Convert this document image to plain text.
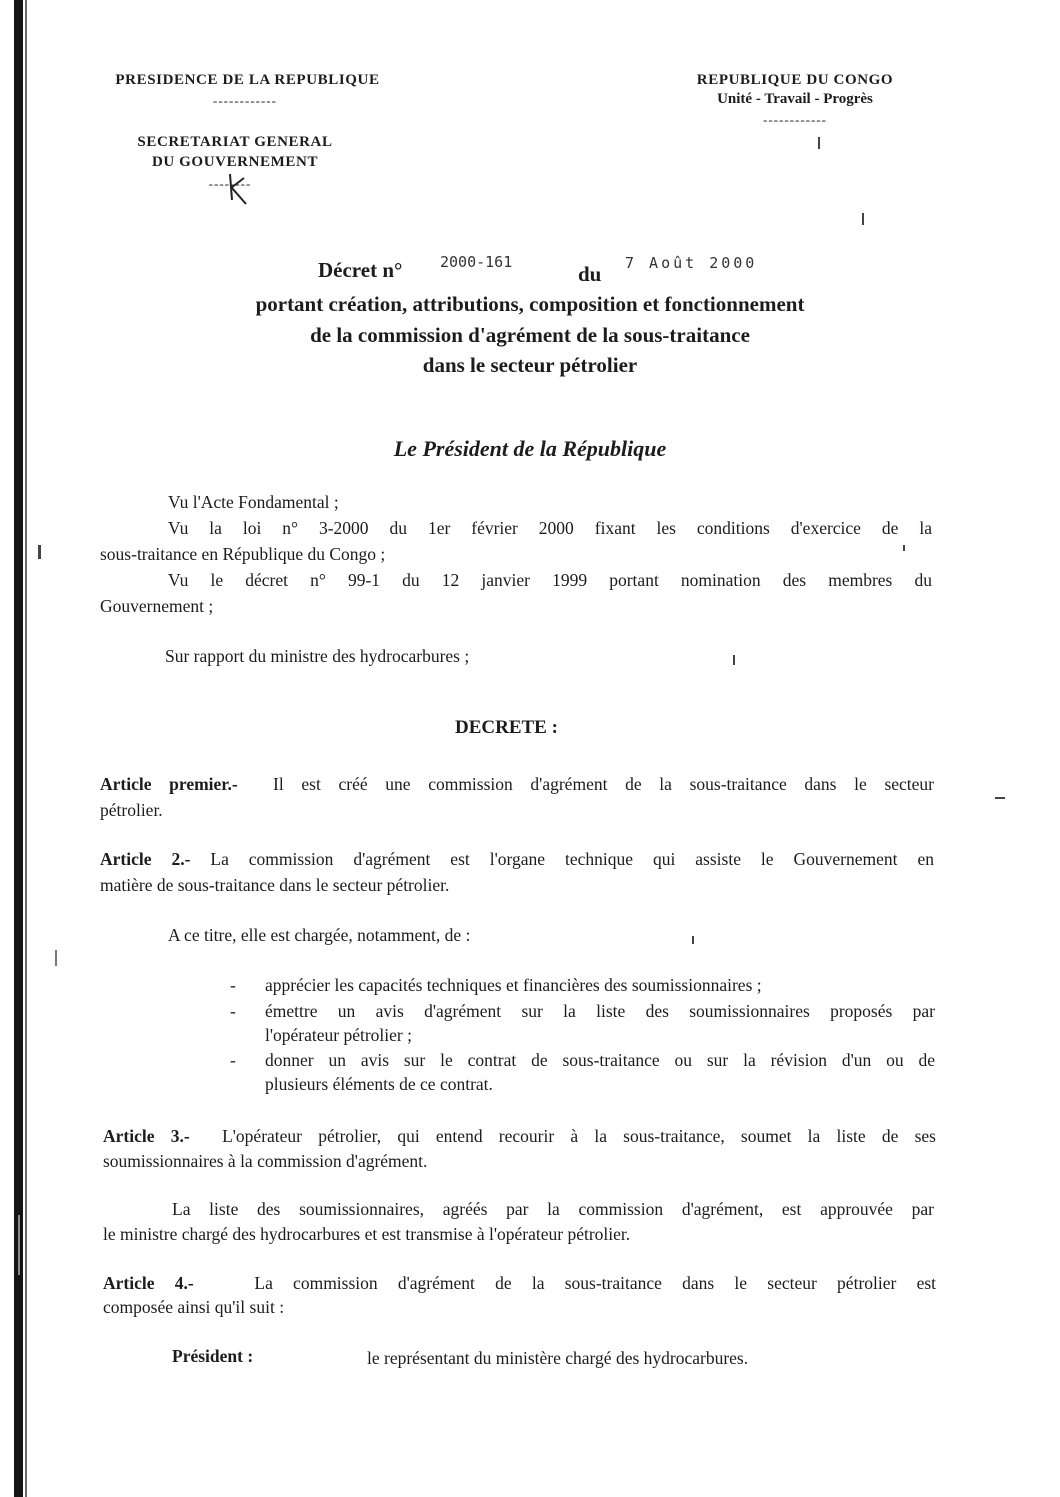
PRESIDENCE DE LA REPUBLIQUE
------------
SECRETARIAT GENERAL
DU GOUVERNEMENT
--------
REPUBLIQUE DU CONGO
Unité - Travail - Progrès
------------
Décret n°	2000-161	du 7 Août 2000
portant création, attributions, composition et fonctionnement
de la commission d'agrément de la sous-traitance
dans le secteur pétrolier
Le Président de la République
Vu l'Acte Fondamental ;
Vu la loi n° 3-2000 du 1er février 2000 fixant les conditions d'exercice de la
sous-traitance en République du Congo ;
Vu le décret n° 99-1 du 12 janvier 1999 portant nomination des membres du
Gouvernement ;
Sur rapport du ministre des hydrocarbures ;
DECRETE :
Article premier.- Il est créé une commission d'agrément de la sous-traitance dans le secteur
pétrolier.
Article 2.- La commission d'agrément est l'organe technique qui assiste le Gouvernement en
matière de sous-traitance dans le secteur pétrolier.
A ce titre, elle est chargée, notamment, de :
- apprécier les capacités techniques et financières des soumissionnaires ;
- émettre un avis d'agrément sur la liste des soumissionnaires proposés par
l'opérateur pétrolier ;
- donner un avis sur le contrat de sous-traitance ou sur la révision d'un ou de
plusieurs éléments de ce contrat.
Article 3.- L'opérateur pétrolier, qui entend recourir à la sous-traitance, soumet la liste de ses
soumissionnaires à la commission d'agrément.
La liste des soumissionnaires, agréés par la commission d'agrément, est approuvée par
le ministre chargé des hydrocarbures et est transmise à l'opérateur pétrolier.
Article 4.-	La commission d'agrément de la sous-traitance dans le secteur pétrolier est
composée ainsi qu'il suit :
Président :	le représentant du ministère chargé des hydrocarbures.
